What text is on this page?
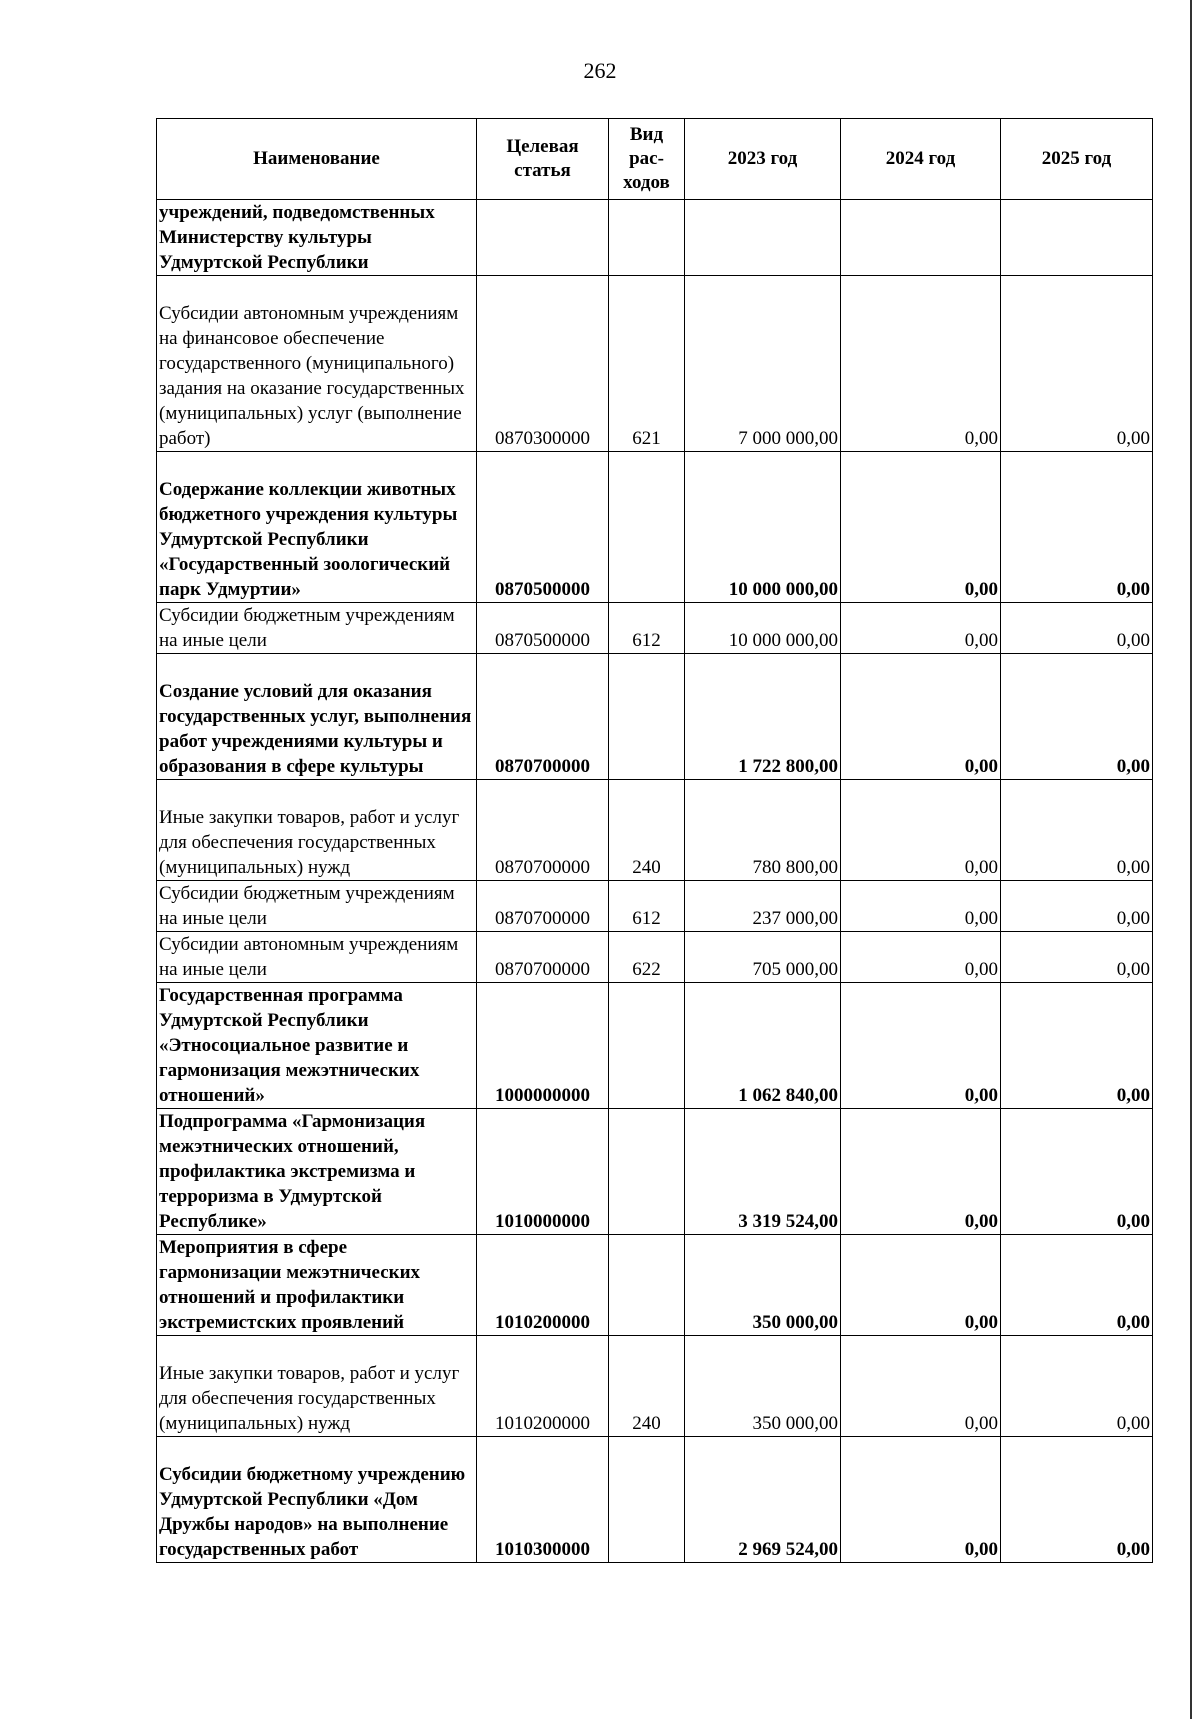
262
Наименование	Целевая статья	Вид рас-ходов	2023 год	2024 год	2025 год
учреждений, подведомственных Министерству культуры Удмуртской Республики					
Субсидии автономным учреждениям на финансовое обеспечение государственного (муниципального) задания на оказание государственных (муниципальных) услуг (выполнение работ)	0870300000	621	7 000 000,00	0,00	0,00
Содержание коллекции животных бюджетного учреждения культуры Удмуртской Республики «Государственный зоологический парк Удмуртии»	0870500000		10 000 000,00	0,00	0,00
Субсидии бюджетным учреждениям на иные цели	0870500000	612	10 000 000,00	0,00	0,00
Создание условий для оказания государственных услуг, выполнения работ учреждениями культуры и образования в сфере культуры	0870700000		1 722 800,00	0,00	0,00
Иные закупки товаров, работ и услуг для обеспечения государственных (муниципальных) нужд	0870700000	240	780 800,00	0,00	0,00
Субсидии бюджетным учреждениям на иные цели	0870700000	612	237 000,00	0,00	0,00
Субсидии автономным учреждениям на иные цели	0870700000	622	705 000,00	0,00	0,00
Государственная программа Удмуртской Республики «Этносоциальное развитие и гармонизация межэтнических отношений»	1000000000		1 062 840,00	0,00	0,00
Подпрограмма «Гармонизация межэтнических отношений, профилактика экстремизма и терроризма в Удмуртской Республике»	1010000000		3 319 524,00	0,00	0,00
Мероприятия в сфере гармонизации межэтнических отношений и профилактики экстремистских проявлений	1010200000		350 000,00	0,00	0,00
Иные закупки товаров, работ и услуг для обеспечения государственных (муниципальных) нужд	1010200000	240	350 000,00	0,00	0,00
Субсидии бюджетному учреждению Удмуртской Республики «Дом Дружбы народов» на выполнение государственных работ	1010300000		2 969 524,00	0,00	0,00
